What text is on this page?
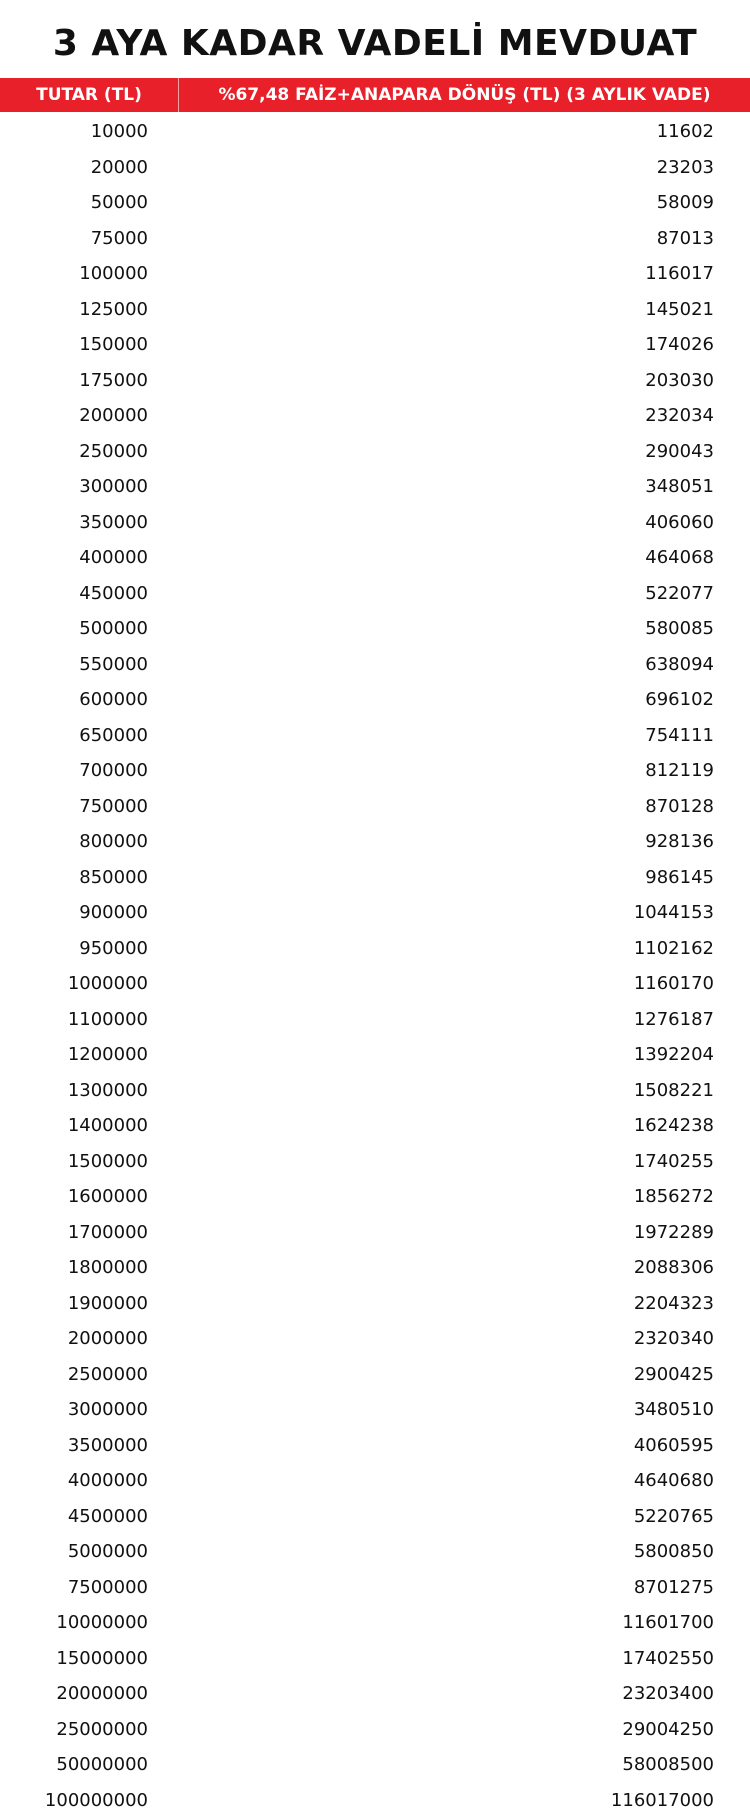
3 AYA KADAR VADELİ MEVDUAT
TUTAR (TL)	%67,48 FAİZ+ANAPARA DÖNÜŞ (TL) (3 AYLIK VADE)
10000	11602
20000	23203
50000	58009
75000	87013
100000	116017
125000	145021
150000	174026
175000	203030
200000	232034
250000	290043
300000	348051
350000	406060
400000	464068
450000	522077
500000	580085
550000	638094
600000	696102
650000	754111
700000	812119
750000	870128
800000	928136
850000	986145
900000	1044153
950000	1102162
1000000	1160170
1100000	1276187
1200000	1392204
1300000	1508221
1400000	1624238
1500000	1740255
1600000	1856272
1700000	1972289
1800000	2088306
1900000	2204323
2000000	2320340
2500000	2900425
3000000	3480510
3500000	4060595
4000000	4640680
4500000	5220765
5000000	5800850
7500000	8701275
10000000	11601700
15000000	17402550
20000000	23203400
25000000	29004250
50000000	58008500
100000000	116017000
